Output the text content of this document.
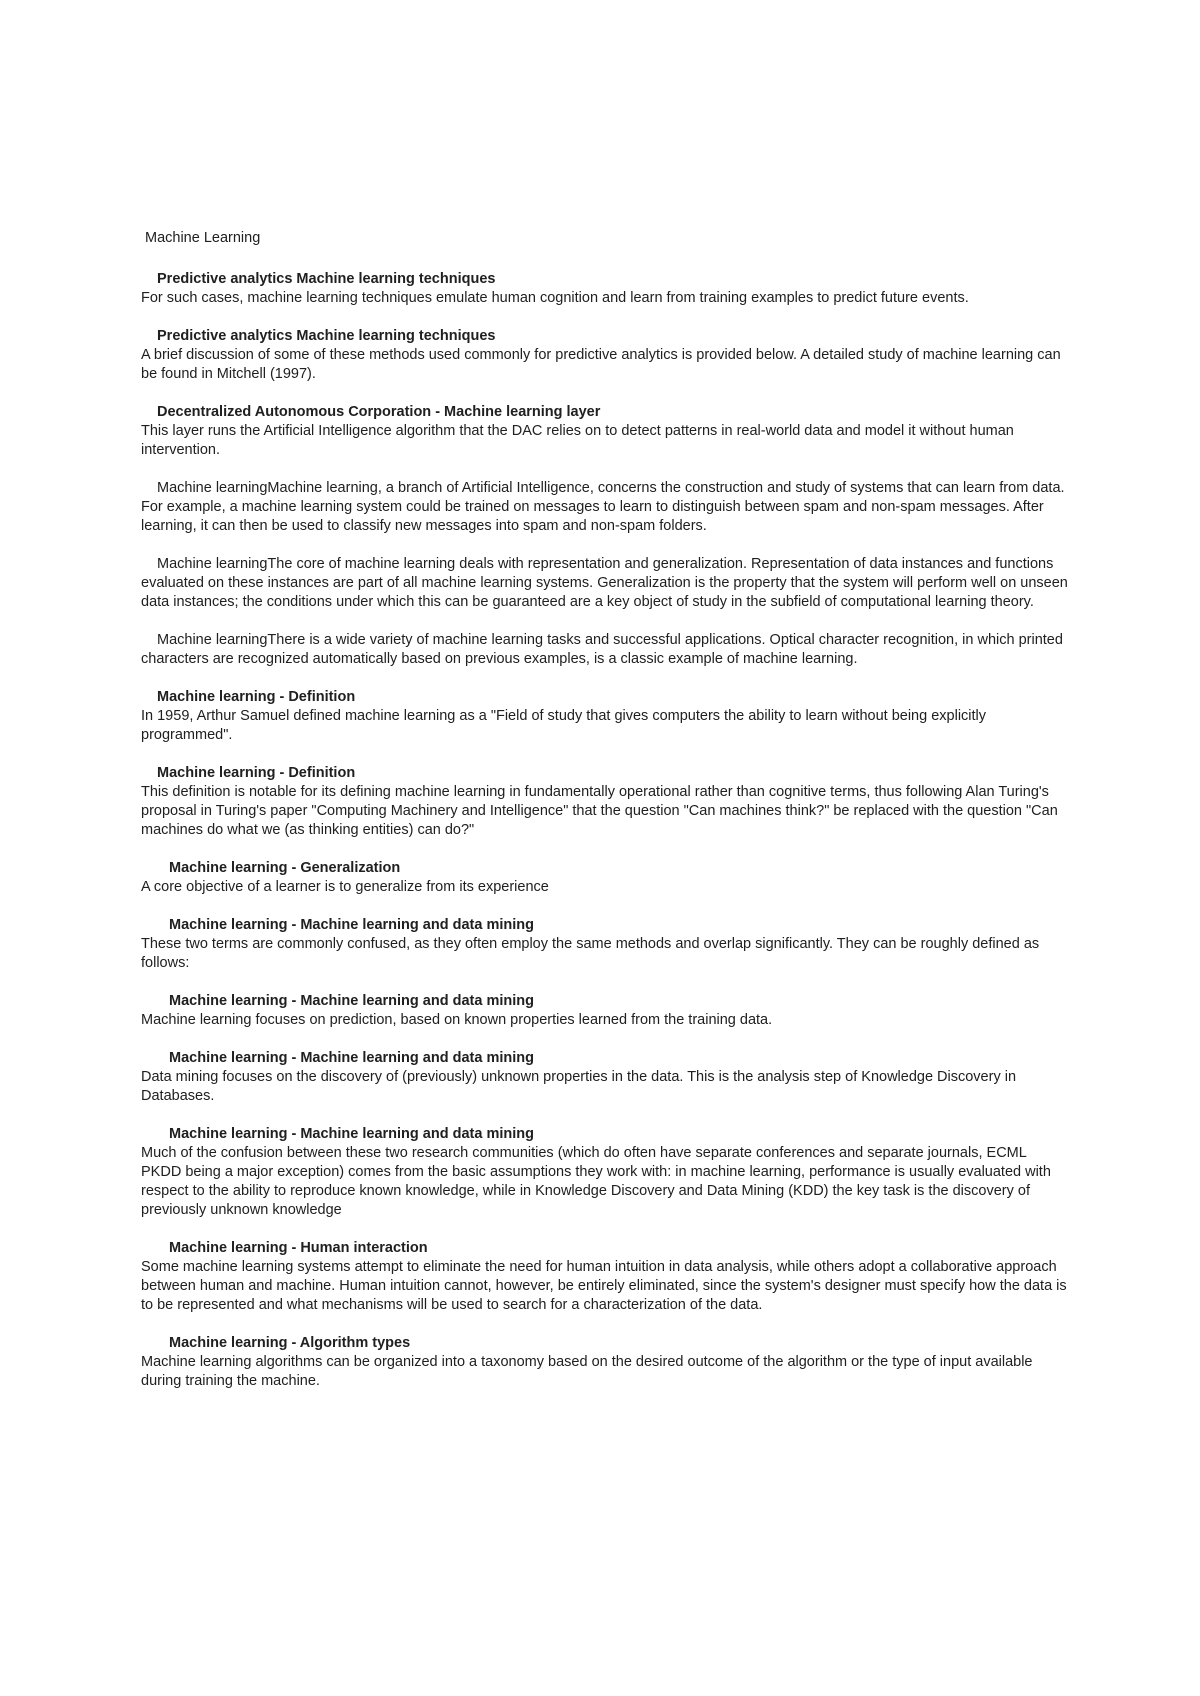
Machine Learning
Predictive analytics Machine learning techniques
For such cases, machine learning techniques emulate human cognition and learn from training examples to predict future events.
Predictive analytics Machine learning techniques
A brief discussion of some of these methods used commonly for predictive analytics is provided below. A detailed study of machine learning can be found in Mitchell (1997).
Decentralized Autonomous Corporation - Machine learning layer
This layer runs the Artificial Intelligence algorithm that the DAC relies on to detect patterns in real-world data and model it without human intervention.
Machine learningMachine learning, a branch of Artificial Intelligence, concerns the construction and study of systems that can learn from data. For example, a machine learning system could be trained on messages to learn to distinguish between spam and non-spam messages. After learning, it can then be used to classify new messages into spam and non-spam folders.
Machine learningThe core of machine learning deals with representation and generalization. Representation of data instances and functions evaluated on these instances are part of all machine learning systems. Generalization is the property that the system will perform well on unseen data instances; the conditions under which this can be guaranteed are a key object of study in the subfield of computational learning theory.
Machine learningThere is a wide variety of machine learning tasks and successful applications. Optical character recognition, in which printed characters are recognized automatically based on previous examples, is a classic example of machine learning.
Machine learning - Definition
In 1959, Arthur Samuel defined machine learning as a "Field of study that gives computers the ability to learn without being explicitly programmed".
Machine learning - Definition
This definition is notable for its defining machine learning in fundamentally operational rather than cognitive terms, thus following Alan Turing's proposal in Turing's paper "Computing Machinery and Intelligence" that the question "Can machines think?" be replaced with the question "Can machines do what we (as thinking entities) can do?"
Machine learning - Generalization
A core objective of a learner is to generalize from its experience
Machine learning - Machine learning and data mining
These two terms are commonly confused, as they often employ the same methods and overlap significantly. They can be roughly defined as follows:
Machine learning - Machine learning and data mining
Machine learning focuses on prediction, based on known properties learned from the training data.
Machine learning - Machine learning and data mining
Data mining focuses on the discovery of (previously) unknown properties in the data. This is the analysis step of Knowledge Discovery in Databases.
Machine learning - Machine learning and data mining
Much of the confusion between these two research communities (which do often have separate conferences and separate journals, ECML PKDD being a major exception) comes from the basic assumptions they work with: in machine learning, performance is usually evaluated with respect to the ability to reproduce known knowledge, while in Knowledge Discovery and Data Mining (KDD) the key task is the discovery of previously unknown knowledge
Machine learning - Human interaction
Some machine learning systems attempt to eliminate the need for human intuition in data analysis, while others adopt a collaborative approach between human and machine. Human intuition cannot, however, be entirely eliminated, since the system's designer must specify how the data is to be represented and what mechanisms will be used to search for a characterization of the data.
Machine learning - Algorithm types
Machine learning algorithms can be organized into a taxonomy based on the desired outcome of the algorithm or the type of input available during training the machine.
